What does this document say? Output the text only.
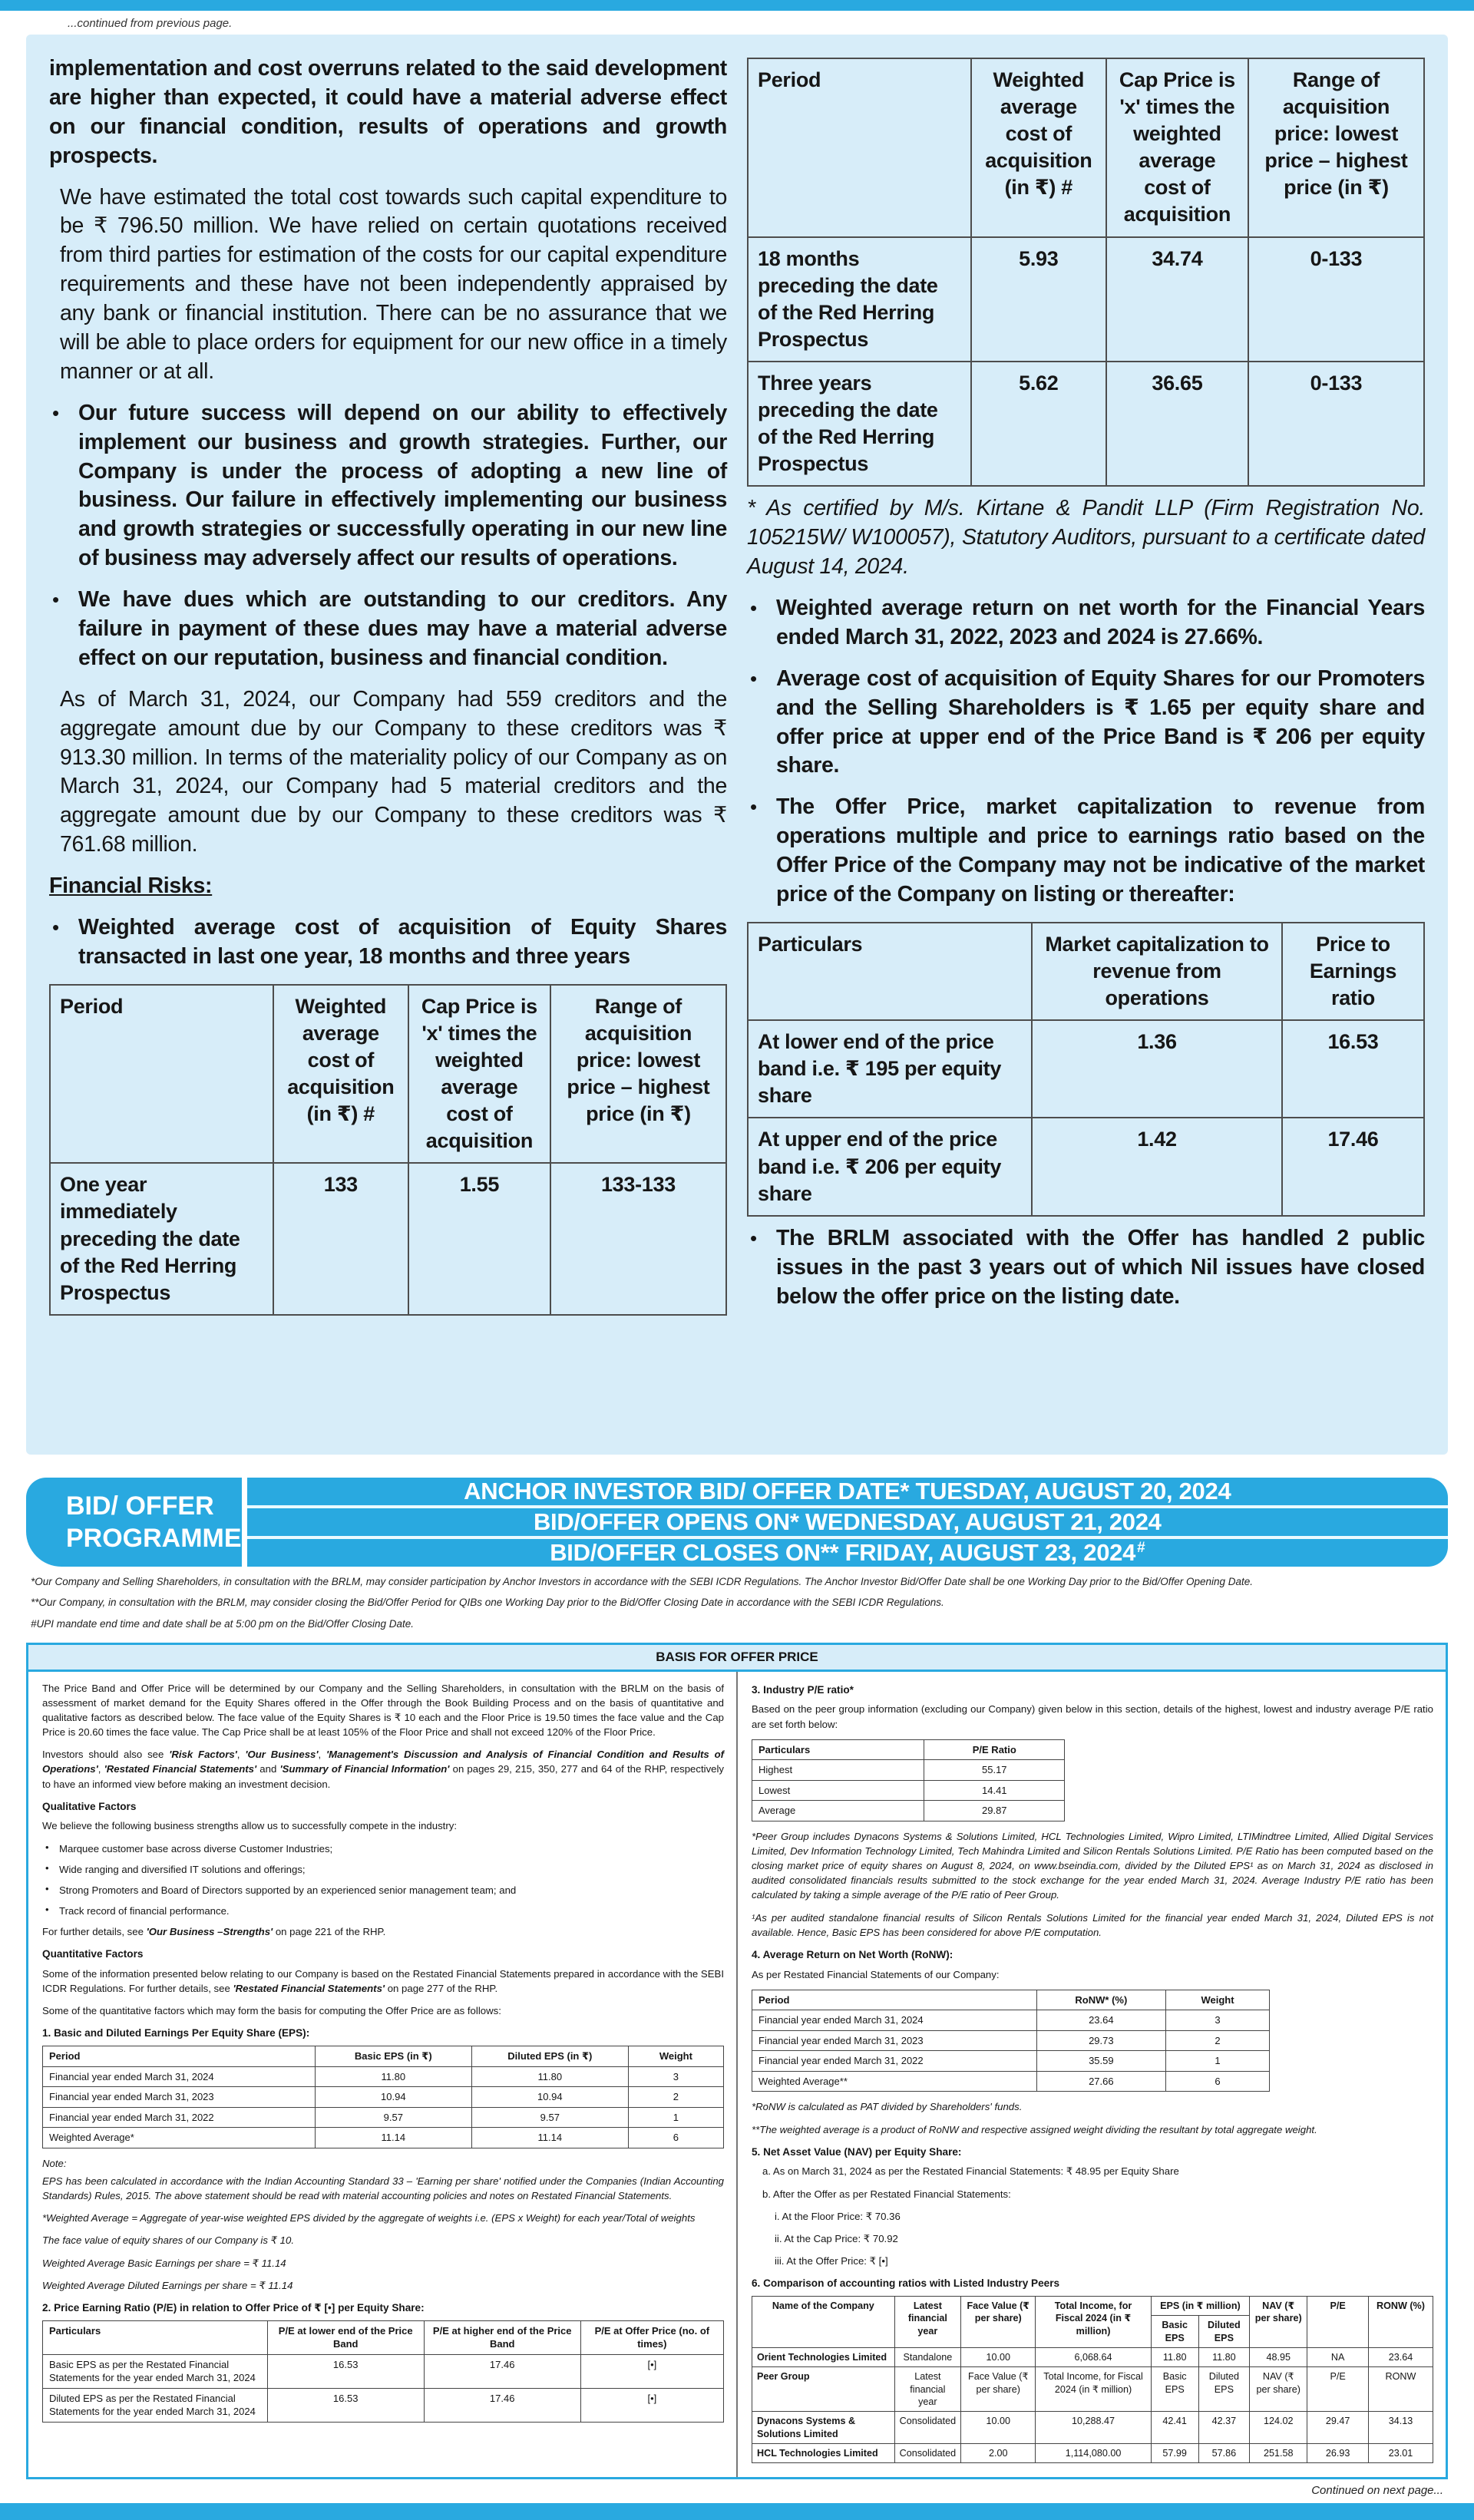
...continued from previous page.

implementation and cost overruns related to the said development are higher than expected, it could have a material adverse effect on our financial condition, results of operations and growth prospects.

We have estimated the total cost towards such capital expenditure to be ₹ 796.50 million. We have relied on certain quotations received from third parties for estimation of the costs for our capital expenditure requirements and these have not been independently appraised by any bank or financial institution. There can be no assurance that we will be able to place orders for equipment for our new office in a timely manner or at all.

• Our future success will depend on our ability to effectively implement our business and growth strategies. Further, our Company is under the process of adopting a new line of business. Our failure in effectively implementing our business and growth strategies or successfully operating in our new line of business may adversely affect our results of operations.

• We have dues which are outstanding to our creditors. Any failure in payment of these dues may have a material adverse effect on our reputation, business and financial condition.

As of March 31, 2024, our Company had 559 creditors and the aggregate amount due by our Company to these creditors was ₹ 913.30 million. In terms of the materiality policy of our Company as on March 31, 2024, our Company had 5 material creditors and the aggregate amount due by our Company to these creditors was ₹ 761.68 million.

Financial Risks:

• Weighted average cost of acquisition of Equity Shares transacted in last one year, 18 months and three years

Period	Weighted average cost of acquisition (in ₹) #	Cap Price is 'x' times the weighted average cost of acquisition	Range of acquisition price: lowest price – highest price (in ₹)
One year immediately preceding the date of the Red Herring Prospectus	133	1.55	133-133
Period	Weighted average cost of acquisition (in ₹) #	Cap Price is 'x' times the weighted average cost of acquisition	Range of acquisition price: lowest price – highest price (in ₹)
18 months preceding the date of the Red Herring Prospectus	5.93	34.74	0-133
Three years preceding the date of the Red Herring Prospectus	5.62	36.65	0-133

* As certified by M/s. Kirtane & Pandit LLP (Firm Registration No. 105215W/ W100057), Statutory Auditors, pursuant to a certificate dated August 14, 2024.

• Weighted average return on net worth for the Financial Years ended March 31, 2022, 2023 and 2024 is 27.66%.

• Average cost of acquisition of Equity Shares for our Promoters and the Selling Shareholders is ₹ 1.65 per equity share and offer price at upper end of the Price Band is ₹ 206 per equity share.

• The Offer Price, market capitalization to revenue from operations multiple and price to earnings ratio based on the Offer Price of the Company may not be indicative of the market price of the Company on listing or thereafter:

Particulars	Market capitalization to revenue from operations	Price to Earnings ratio
At lower end of the price band i.e. ₹ 195 per equity share	1.36	16.53
At upper end of the price band i.e. ₹ 206 per equity share	1.42	17.46
• The BRLM associated with the Offer has handled 2 public issues in the past 3 years out of which Nil issues have closed below the offer price on the listing date.

BID/ OFFER
PROGRAMME
ANCHOR INVESTOR BID/ OFFER DATE* TUESDAY, AUGUST 20, 2024
BID/OFFER OPENS ON* WEDNESDAY, AUGUST 21, 2024
BID/OFFER CLOSES ON** FRIDAY, AUGUST 23, 2024 #

*Our Company and Selling Shareholders, in consultation with the BRLM, may consider participation by Anchor Investors in accordance with the SEBI ICDR Regulations. The Anchor Investor Bid/Offer Date shall be one Working Day prior to the Bid/Offer Opening Date.

**Our Company, in consultation with the BRLM, may consider closing the Bid/Offer Period for QIBs one Working Day prior to the Bid/Offer Closing Date in accordance with the SEBI ICDR Regulations.

#UPI mandate end time and date shall be at 5:00 pm on the Bid/Offer Closing Date.

BASIS FOR OFFER PRICE

The Price Band and Offer Price will be determined by our Company and the Selling Shareholders, in consultation with the BRLM on the basis of assessment of market demand for the Equity Shares offered in the Offer through the Book Building Process and on the basis of quantitative and qualitative factors as described below. The face value of the Equity Shares is ₹ 10 each and the Floor Price is 19.50 times the face value and the Cap Price is 20.60 times the face value. The Cap Price shall be at least 105% of the Floor Price and shall not exceed 120% of the Floor Price.

Investors should also see 'Risk Factors', 'Our Business', 'Management's Discussion and Analysis of Financial Condition and Results of Operations', 'Restated Financial Statements' and 'Summary of Financial Information' on pages 29, 215, 350, 277 and 64 of the RHP, respectively to have an informed view before making an investment decision.

Qualitative Factors

We believe the following business strengths allow us to successfully compete in the industry:

•	Marquee customer base across diverse Customer Industries;

•	Wide ranging and diversified IT solutions and offerings;

•	Strong Promoters and Board of Directors supported by an experienced senior management team; and

•	Track record of financial performance.

For further details, see 'Our Business –Strengths' on page 221 of the RHP.

Quantitative Factors

Some of the information presented below relating to our Company is based on the Restated Financial Statements prepared in accordance with the SEBI ICDR Regulations. For further details, see 'Restated Financial Statements' on page 277 of the RHP.

Some of the quantitative factors which may form the basis for computing the Offer Price are as follows:

1. Basic and Diluted Earnings Per Equity Share (EPS):

Period	Basic EPS (in ₹)	Diluted EPS (in ₹)	Weight
Financial year ended March 31, 2024	11.80	11.80	3
Financial year ended March 31, 2023	10.94	10.94	2
Financial year ended March 31, 2022	9.57	9.57	1
Weighted Average*	11.14	11.14	6

Note:

EPS has been calculated in accordance with the Indian Accounting Standard 33 – 'Earning per share' notified under the Companies (Indian Accounting Standards) Rules, 2015. The above statement should be read with material accounting policies and notes on Restated Financial Statements.

*Weighted Average = Aggregate of year-wise weighted EPS divided by the aggregate of weights i.e. (EPS x Weight) for each year/Total of weights

The face value of equity shares of our Company is ₹ 10.

Weighted Average Basic Earnings per share = ₹ 11.14

Weighted Average Diluted Earnings per share = ₹ 11.14

2. Price Earning Ratio (P/E) in relation to Offer Price of ₹ [•] per Equity Share:

Particulars	P/E at lower end of the Price Band	P/E at higher end of the Price Band	P/E at Offer Price (no. of times)
Basic EPS as per the Restated Financial Statements for the year ended March 31, 2024	16.53	17.46	[•]
Diluted EPS as per the Restated Financial Statements for the year ended March 31, 2024	16.53	17.46	[•]

3. Industry P/E ratio*

Based on the peer group information (excluding our Company) given below in this section, details of the highest, lowest and industry average P/E ratio are set forth below:

Particulars	P/E Ratio
Highest	55.17
Lowest	14.41
Average	29.87

*Peer Group includes Dynacons Systems & Solutions Limited, HCL Technologies Limited, Wipro Limited, LTIMindtree Limited, Allied Digital Services Limited, Dev Information Technology Limited, Tech Mahindra Limited and Silicon Rentals Solutions Limited. P/E Ratio has been computed based on the closing market price of equity shares on August 8, 2024, on www.bseindia.com, divided by the Diluted EPS¹ as on March 31, 2024 as disclosed in audited consolidated financials results submitted to the stock exchange for the year ended March 31, 2024. Average Industry P/E ratio has been calculated by taking a simple average of the P/E ratio of Peer Group.

¹As per audited standalone financial results of Silicon Rentals Solutions Limited for the financial year ended March 31, 2024, Diluted EPS is not available. Hence, Basic EPS has been considered for above P/E computation.

4. Average Return on Net Worth (RoNW):

As per Restated Financial Statements of our Company:

Period	RoNW* (%)	Weight
Financial year ended March 31, 2024	23.64	3
Financial year ended March 31, 2023	29.73	2
Financial year ended March 31, 2022	35.59	1
Weighted Average**	27.66	6

*RoNW is calculated as PAT divided by Shareholders' funds.

**The weighted average is a product of RoNW and respective assigned weight dividing the resultant by total aggregate weight.

5. Net Asset Value (NAV) per Equity Share:

a. As on March 31, 2024 as per the Restated Financial Statements: ₹ 48.95 per Equity Share

b. After the Offer as per Restated Financial Statements:

i. At the Floor Price: ₹ 70.36

ii. At the Cap Price: ₹ 70.92

iii. At the Offer Price: ₹ [•]

6. Comparison of accounting ratios with Listed Industry Peers

Name of the Company	Latest financial year	Face Value (₹ per share)	Total Income, for Fiscal 2024 (in ₹ million)	EPS (in ₹ million)		NAV (₹ per share)	P/E	RONW (%)
				Basic EPS	Diluted EPS			
Orient Technologies Limited	Standalone	10.00	6,068.64	11.80	11.80	48.95	NA	23.64
Peer Group	Latest financial year	Face Value (₹ per share)	Total Income, for Fiscal 2024 (in ₹ million)	Basic EPS	Diluted EPS	NAV (₹ per share)	P/E	RONW
Dynacons Systems & Solutions Limited	Consolidated	10.00	10,288.47	42.41	42.37	124.02	29.47	34.13
HCL Technologies Limited	Consolidated	2.00	1,114,080.00	57.99	57.86	251.58	26.93	23.01
Continued on next page...
